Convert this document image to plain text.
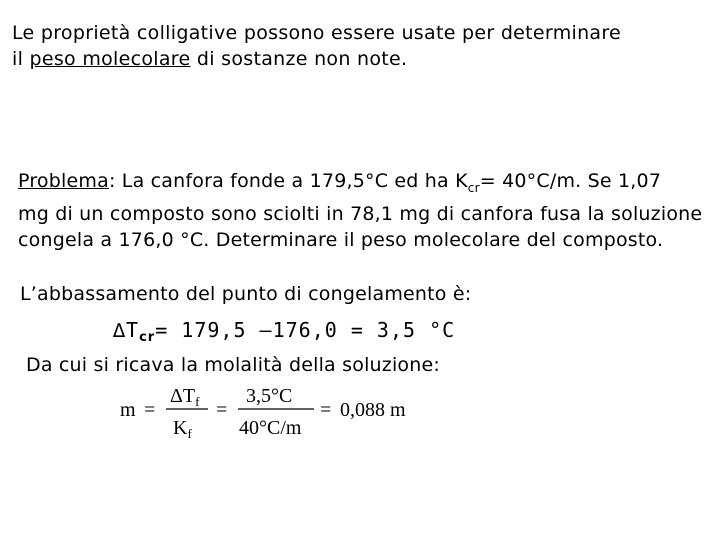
Le proprietà colligative possono essere usate per determinare
il peso molecolare di sostanze non note.
Problema: La canfora fonde a 179,5°C ed ha $K_{cr}= 40^\circ C/m$. Se 1,07
mg di un composto sono sciolti in 78,1 mg di canfora fusa la soluzione
congela a 176,0 °C. Determinare il peso molecolare del composto.
L’abbassamento del punto di congelamento è:
$\Delta T_{cr}= 179,5$ –176,0 = 3,5 °C
Da cui si ricava la molalità della soluzione:
m =
$\Delta T_f$
$K_f$
=
3,5°C
40°C/m
= 0,088 m
